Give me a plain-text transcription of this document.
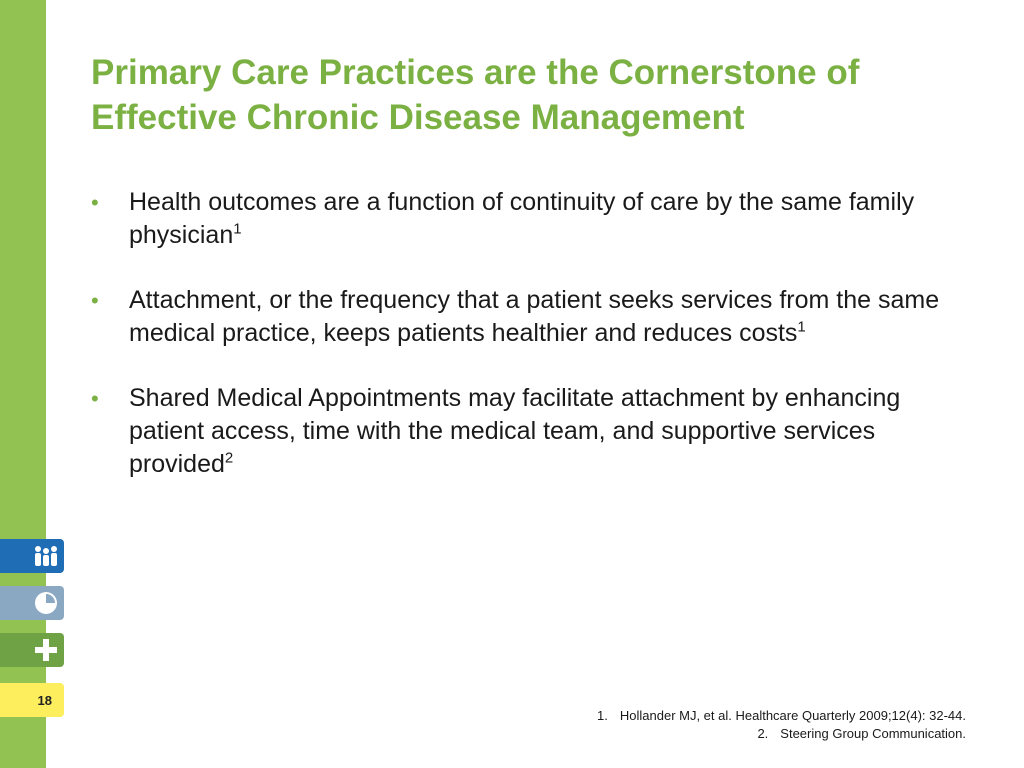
18
Primary Care Practices are the Cornerstone of Effective Chronic Disease Management
• Health outcomes are a function of continuity of care by the same family physician$^1$
• Attachment, or the frequency that a patient seeks services from the same medical practice, keeps patients healthier and reduces costs$^1$
• Shared Medical Appointments may facilitate attachment by enhancing patient access, time with the medical team, and supportive services provided$^2$
1. Hollander MJ, et al. Healthcare Quarterly 2009;12(4): 32-44.
2. Steering Group Communication.
